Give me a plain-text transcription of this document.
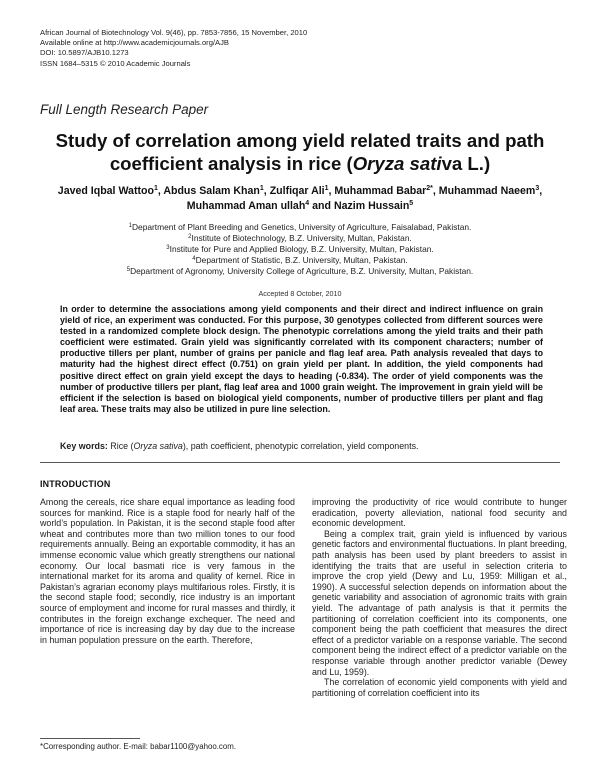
African Journal of Biotechnology Vol. 9(46), pp. 7853-7856, 15 November, 2010
Available online at http://www.academicjournals.org/AJB
DOI: 10.5897/AJB10.1273
ISSN 1684–5315 © 2010 Academic Journals
Full Length Research Paper
Study of correlation among yield related traits and path coefficient analysis in rice (Oryza sativa L.)
Javed Iqbal Wattoo$^1$, Abdus Salam Khan$^1$, Zulfiqar Ali$^1$, Muhammad Babar$^{2*}$, Muhammad Naeem$^3$, Muhammad Aman ullah$^4$ and Nazim Hussain$^5$
$^1$Department of Plant Breeding and Genetics, University of Agriculture, Faisalabad, Pakistan.
$^2$Institute of Biotechnology, B.Z. University, Multan, Pakistan.
$^3$Institute for Pure and Applied Biology, B.Z. University, Multan, Pakistan.
$^4$Department of Statistic, B.Z. University, Multan, Pakistan.
$^5$Department of Agronomy, University College of Agriculture, B.Z. University, Multan, Pakistan.
Accepted 8 October, 2010
In order to determine the associations among yield components and their direct and indirect influence on grain yield of rice, an experiment was conducted. For this purpose, 30 genotypes collected from different sources were tested in a randomized complete block design. The phenotypic correlations among the yield traits and their path coefficient were estimated. Grain yield was significantly correlated with its component characters; number of productive tillers per plant, number of grains per panicle and flag leaf area. Path analysis revealed that days to maturity had the highest direct effect (0.751) on grain yield per plant. In addition, the yield components had positive direct effect on grain yield except the days to heading (-0.834). The order of yield components was the number of productive tillers per plant, flag leaf area and 1000 grain weight. The improvement in grain yield will be efficient if the selection is based on biological yield components, number of productive tillers per plant and flag leaf area. These traits may also be utilized in pure line selection.
Key words: Rice (Oryza sativa), path coefficient, phenotypic correlation, yield components.
INTRODUCTION

Among the cereals, rice share equal importance as leading food sources for mankind. Rice is a staple food for nearly half of the world’s population. In Pakistan, it is the second staple food after wheat and contributes more than two million tones to our food requirements annually. Being an exportable commodity, it has an immense economic value which greatly strengthens our national economy. Our local basmati rice is very famous in the international market for its aroma and quality of kernel. Rice in Pakistan’s agrarian economy plays multifarious roles. Firstly, it is the second staple food; secondly, rice industry is an important source of employment and income for rural masses and thirdly, it contributes in the foreign exchange exchequer. The need and importance of rice is increasing day by day due to the increase in human population pressure on the earth. Therefore,

improving the productivity of rice would contribute to hunger eradication, poverty alleviation, national food security and economic development.

Being a complex trait, grain yield is influenced by various genetic factors and environmental fluctuations. In plant breeding, path analysis has been used by plant breeders to assist in identifying the traits that are useful in selection criteria to improve the crop yield (Dewy and Lu, 1959: Milligan et al., 1990). A successful selection depends on information about the genetic variability and association of agronomic traits with grain yield. The advantage of path analysis is that it permits the partitioning of correlation coefficient into its components, one component being the path coefficient that measures the direct effect of a predictor variable on a response variable. The second component being the indirect effect of a predictor variable on the response variable through another predictor variable (Dewey and Lu, 1959).

The correlation of economic yield components with yield and partitioning of correlation coefficient into its

*Corresponding author. E-mail: babar1100@yahoo.com.
